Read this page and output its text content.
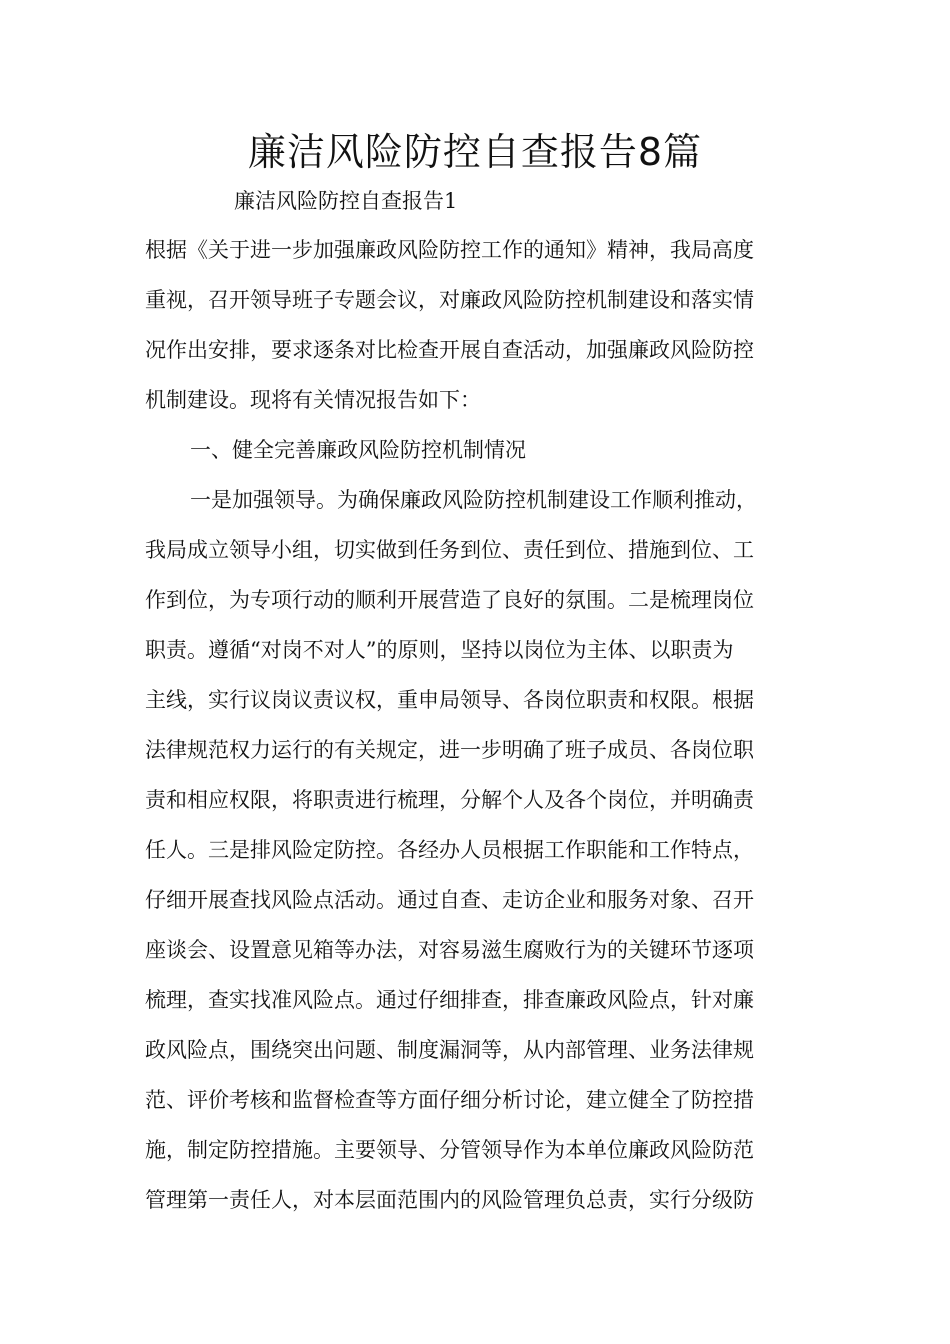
廉洁风险防控自查报告8篇
廉洁风险防控自查报告1
根据《关于进一步加强廉政风险防控工作的通知》精神，我局高度
重视，召开领导班子专题会议，对廉政风险防控机制建设和落实情
况作出安排，要求逐条对比检查开展自查活动，加强廉政风险防控
机制建设。现将有关情况报告如下：
一、健全完善廉政风险防控机制情况
一是加强领导。为确保廉政风险防控机制建设工作顺利推动，
我局成立领导小组，切实做到任务到位、责任到位、措施到位、工
作到位，为专项行动的顺利开展营造了良好的氛围。二是梳理岗位
职责。遵循“对岗不对人”的原则，坚持以岗位为主体、以职责为
主线，实行议岗议责议权，重申局领导、各岗位职责和权限。根据
法律规范权力运行的有关规定，进一步明确了班子成员、各岗位职
责和相应权限，将职责进行梳理，分解个人及各个岗位，并明确责
任人。三是排风险定防控。各经办人员根据工作职能和工作特点，
仔细开展查找风险点活动。通过自查、走访企业和服务对象、召开
座谈会、设置意见箱等办法，对容易滋生腐败行为的关键环节逐项
梳理，查实找准风险点。通过仔细排查，排查廉政风险点，针对廉
政风险点，围绕突出问题、制度漏洞等，从内部管理、业务法律规
范、评价考核和监督检查等方面仔细分析讨论，建立健全了防控措
施，制定防控措施。主要领导、分管领导作为本单位廉政风险防范
管理第一责任人，对本层面范围内的风险管理负总责，实行分级防
